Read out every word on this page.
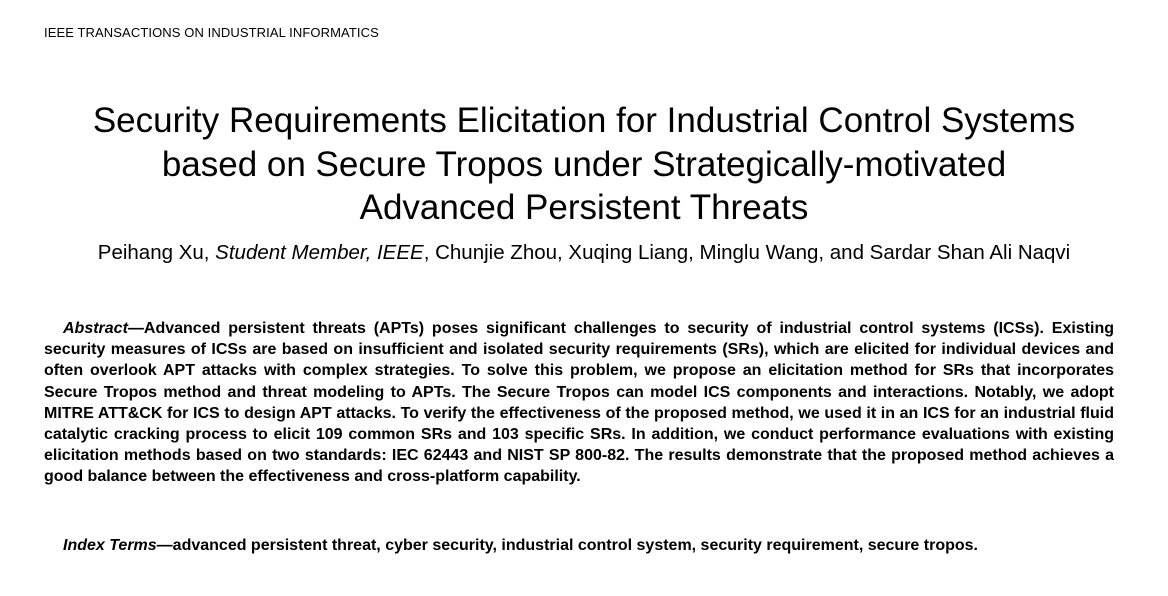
IEEE TRANSACTIONS ON INDUSTRIAL INFORMATICS
Security Requirements Elicitation for Industrial Control Systems
based on Secure Tropos under Strategically-motivated
Advanced Persistent Threats
Peihang Xu, Student Member, IEEE, Chunjie Zhou, Xuqing Liang, Minglu Wang, and Sardar Shan Ali Naqvi

Abstract—Advanced persistent threats (APTs) poses significant challenges to security of industrial control systems (ICSs). Existing security measures of ICSs are based on insufficient and isolated security requirements (SRs), which are elicited for individual devices and often overlook APT attacks with complex strategies. To solve this problem, we propose an elicitation method for SRs that incorporates Secure Tropos method and threat modeling to APTs. The Secure Tropos can model ICS components and interactions. Notably, we adopt MITRE ATT&CK for ICS to design APT attacks. To verify the effectiveness of the proposed method, we used it in an ICS for an industrial fluid catalytic cracking process to elicit 109 common SRs and 103 specific SRs. In addition, we conduct performance evaluations with existing elicitation methods based on two standards: IEC 62443 and NIST SP 800-82. The results demonstrate that the proposed method achieves a good balance between the effectiveness and cross-platform capability.

Index Terms—advanced persistent threat, cyber security, industrial control system, security requirement, secure tropos.
